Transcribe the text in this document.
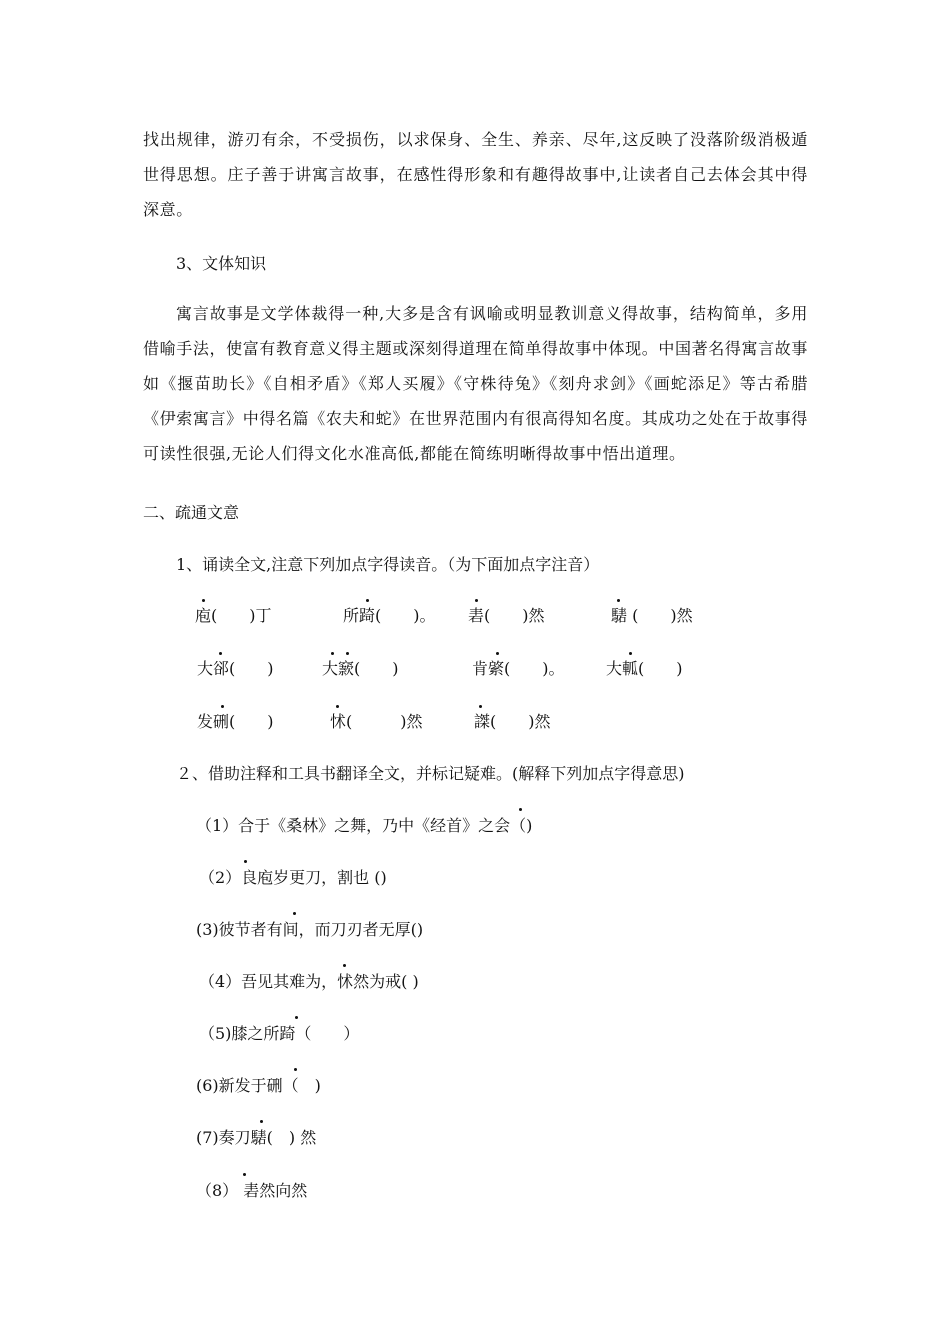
找出规律，游刃有余，不受损伤，以求保身、全生、养亲、尽年,这反映了没落阶级消极遁世得思想。庄子善于讲寓言故事，在感性得形象和有趣得故事中,让读者自己去体会其中得深意。
3、文体知识
寓言故事是文学体裁得一种,大多是含有讽喻或明显教训意义得故事，结构简单，多用借喻手法，使富有教育意义得主题或深刻得道理在简单得故事中体现。中国著名得寓言故事如《揠苗助长》《自相矛盾》《郑人买履》《守株待兔》《刻舟求剑》《画蛇添足》等古希腊《伊索寓言》中得名篇《农夫和蛇》在世界范围内有很高得知名度。其成功之处在于故事得可读性很强,无论人们得文化水准高低,都能在简练明晰得故事中悟出道理。
二、疏通文意
1、诵读全文,注意下列加点字得读音。（为下面加点字注音）
庖(　　)丁	所踦(　　)。 砉(　　)然	騞 (　　)然
大郤(　　)	大窾(　　)	肯綮(　　)。	大軱(　　)
发硎(　　)	怵(　　　)然	謋(　　)然
２、借助注释和工具书翻译全文，并标记疑难。(解释下列加点字得意思)
（1）合于《桑林》之舞，乃中《经首》之会（)
（2）良庖岁更刀，割也 ()
(3)彼节者有间，而刀刃者无厚()
（4）吾见其难为，怵然为戒( )
（5)膝之所踦（　　）
(6)新发于硎（　)
(7)奏刀騞(　) 然
（8） 砉然向然
